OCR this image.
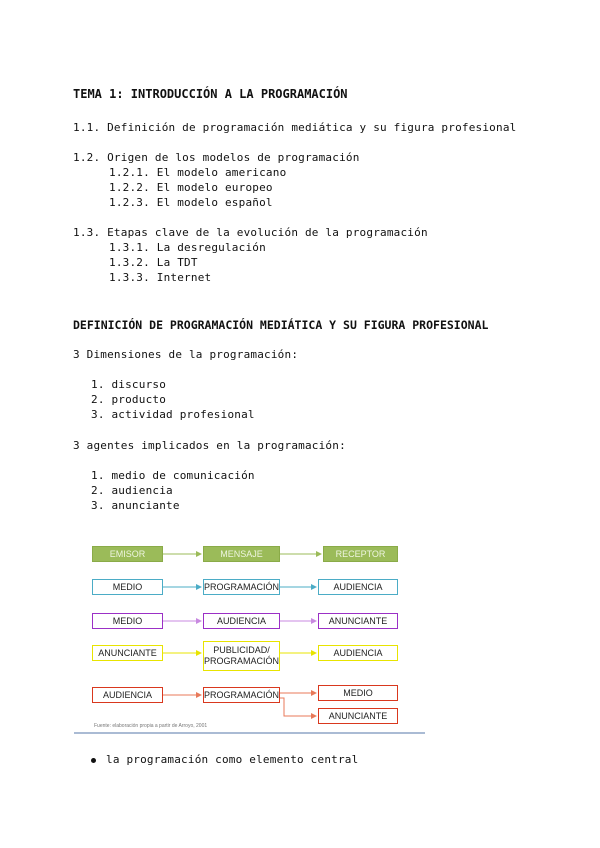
TEMA 1: INTRODUCCIÓN A LA PROGRAMACIÓN
1.1. Definición de programación mediática y su figura profesional
1.2. Origen de los modelos de programación
1.2.1. El modelo americano
1.2.2. El modelo europeo
1.2.3. El modelo español
1.3. Etapas clave de la evolución de la programación
1.3.1. La desregulación
1.3.2. La TDT
1.3.3. Internet
DEFINICIÓN DE PROGRAMACIÓN MEDIÁTICA Y SU FIGURA PROFESIONAL
3 Dimensiones de la programación:
1. discurso
2. producto
3. actividad profesional
3 agentes implicados en la programación:
1. medio de comunicación
2. audiencia
3. anunciante
EMISOR	MENSAJE	RECEPTOR
MEDIO	PROGRAMACIÓN	AUDIENCIA
MEDIO	AUDIENCIA	ANUNCIANTE
ANUNCIANTE	PUBLICIDAD/ PROGRAMACIÓN
AUDIENCIA
AUDIENCIA	PROGRAMACIÓN	MEDIO
ANUNCIANTE
Fuente: elaboración propia a partir de Arroyo, 2001
la programación como elemento central
